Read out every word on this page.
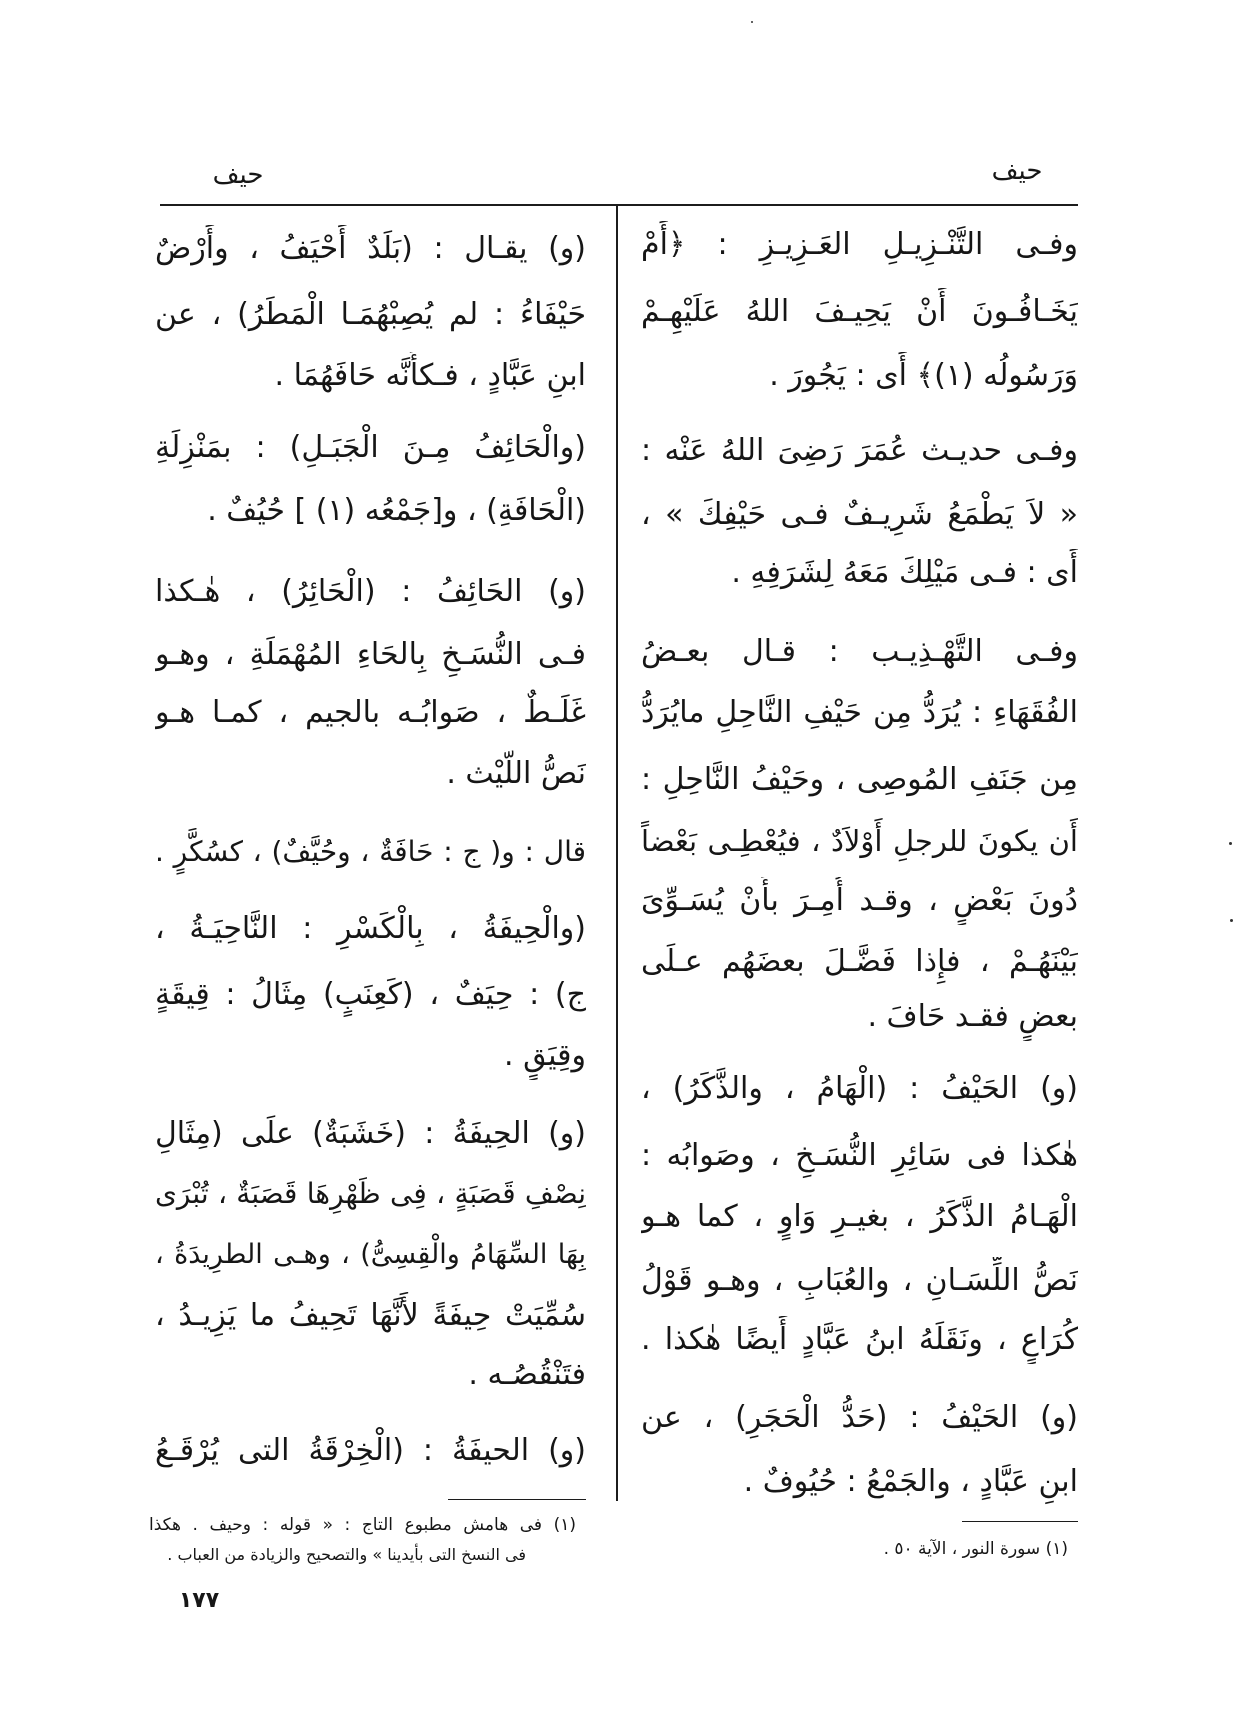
حيف
حيف
وفـى التَّنْـزِيـلِ العَـزِيـزِ : ﴿أَمْ
يَخَـافُـونَ أَنْ يَحِيـفَ اللهُ عَلَيْهِـمْ
وَرَسُولُه (١)﴾ أَى : يَجُورَ .
وفـى حديـث عُمَرَ رَضِىَ اللهُ عَنْه :
« لاَ يَطْمَعُ شَرِيـفٌ فـى حَيْفِكَ » ،
أَى : فـى مَيْلِكَ مَعَهُ لِشَرَفِهِ .
وفـى التَّهْـذِيـب : قـال بعـضُ
الفُقَهَاءِ : يُرَدُّ مِن حَيْفِ النَّاحِلِ مايُرَدُّ
مِن جَنَفِ المُوصِى ، وحَيْفُ النَّاحِلِ :
أَن يكونَ للرجلِ أَوْلاَدٌ ، فيُعْطِـى بَعْضاً
دُونَ بَعْضٍ ، وقـد أُمِـرَ بأَنْ يُسَـوِّىَ
بَيْنَهُـمْ ، فإِذا فَضَّـلَ بعضَهُم عـلَى
بعضٍ فقـد حَافَ .
(و) الحَيْفُ : (الْهَامُ ، والذَّكَرُ) ،
هٰكذا فى سَائِرِ النُّسَـخِ ، وصَوابُه :
الْهَـامُ الذَّكَرُ ، بغيـرِ وَاوٍ ، كما هـو
نَصُّ اللِّسَـانِ ، والعُبَابِ ، وهـو قَوْلُ
كُرَاعٍ ، ونَقَلَهُ ابنُ عَبَّادٍ أَيضًا هٰكذا .
(و) الحَيْفُ : (حَدُّ الْحَجَرِ) ، عن
ابنِ عَبَّادٍ ، والجَمْعُ : حُيُوفٌ .
(١) سورة النور ، الآية ٥٠ .
(و) يقـال : (بَلَدٌ أَحْيَفُ ، وأَرْضٌ
حَيْفَاءُ : لم يُصِبْهُمَـا الْمَطَرُ) ، عن
ابنِ عَبَّادٍ ، فـكأَنَّه حَافَهُمَا .
(والْحَائِفُ مِـنَ الْجَبَـلِ) : بمَنْزِلَةِ
(الْحَافَةِ) ، و[جَمْعُه (١) ] حُيُفٌ .
(و) الحَائِفُ : (الْحَائِرُ) ، هٰـكذا
فـى النُّسَـخِ بِالحَاءِ المُهْمَلَةِ ، وهـو
غَلَـطٌ ، صَوابُـه بالجيم ، كمـا هـو
نَصُّ اللَّيْث .
قال : و( ج : حَافَةٌ ، وحُيَّفٌ) ، كسُكَّرٍ .
(والْحِيفَةُ ، بِالْكَسْرِ : النَّاحِيَـةُ ،
ج) : حِيَفٌ ، (كَعِنَبٍ) مِثَالُ : قِيقَةٍ
وقِيَقٍ .
(و) الحِيفَةُ : (خَشَبَةٌ) علَى (مِثَالِ
نِصْفِ قَصَبَةٍ ، فِى ظَهْرِهَا قَصَبَةٌ ، تُبْرَى
بِهَا السِّهَامُ والْقِسِىُّ) ، وهـى الطرِيدَةُ ،
سُمِّيَتْ حِيفَةً لأَنَّهَا تَحِيفُ ما يَزِيـدُ ،
فتَنْقُصُـه .
(و) الحيفَةُ : (الْخِرْقَةُ التى يُرْقَـعُ
(١) فى هامش مطبوع التاج : « قوله : وحيف . هكذا
فى النسخ التى بأيدينا » والتصحيح والزيادة من العباب .
١٧٧
